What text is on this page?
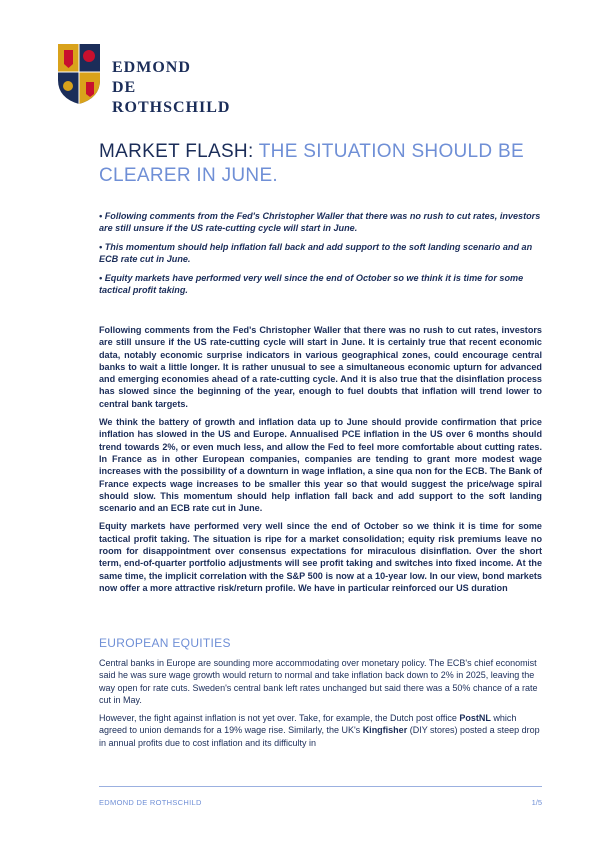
EDMOND
DE ROTHSCHILD
MARKET FLASH: THE SITUATION SHOULD BE CLEARER IN JUNE.

• Following comments from the Fed's Christopher Waller that there was no rush to cut rates, investors are still unsure if the US rate-cutting cycle will start in June.

• This momentum should help inflation fall back and add support to the soft landing scenario and an ECB rate cut in June.

• Equity markets have performed very well since the end of October so we think it is time for some tactical profit taking.

Following comments from the Fed's Christopher Waller that there was no rush to cut rates, investors are still unsure if the US rate-cutting cycle will start in June. It is certainly true that recent economic data, notably economic surprise indicators in various geographical zones, could encourage central banks to wait a little longer. It is rather unusual to see a simultaneous economic upturn for advanced and emerging economies ahead of a rate-cutting cycle. And it is also true that the disinflation process has slowed since the beginning of the year, enough to fuel doubts that inflation will trend lower to central bank targets.

We think the battery of growth and inflation data up to June should provide confirmation that price inflation has slowed in the US and Europe. Annualised PCE inflation in the US over 6 months should trend towards 2%, or even much less, and allow the Fed to feel more comfortable about cutting rates. In France as in other European companies, companies are tending to grant more modest wage increases with the possibility of a downturn in wage inflation, a sine qua non for the ECB. The Bank of France expects wage increases to be smaller this year so that would suggest the price/wage spiral should slow. This momentum should help inflation fall back and add support to the soft landing scenario and an ECB rate cut in June.

Equity markets have performed very well since the end of October so we think it is time for some tactical profit taking. The situation is ripe for a market consolidation; equity risk premiums leave no room for disappointment over consensus expectations for miraculous disinflation. Over the short term, end-of-quarter portfolio adjustments will see profit taking and switches into fixed income. At the same time, the implicit correlation with the S&P 500 is now at a 10-year low. In our view, bond markets now offer a more attractive risk/return profile. We have in particular reinforced our US duration

EUROPEAN EQUITIES

Central banks in Europe are sounding more accommodating over monetary policy. The ECB's chief economist said he was sure wage growth would return to normal and take inflation back down to 2% in 2025, leaving the way open for rate cuts. Sweden's central bank left rates unchanged but said there was a 50% chance of a rate cut in May.

However, the fight against inflation is not yet over. Take, for example, the Dutch post office PostNL which agreed to union demands for a 19% wage rise. Similarly, the UK's Kingfisher (DIY stores) posted a steep drop in annual profits due to cost inflation and its difficulty in

EDMOND DE ROTHSCHILD	1/5
